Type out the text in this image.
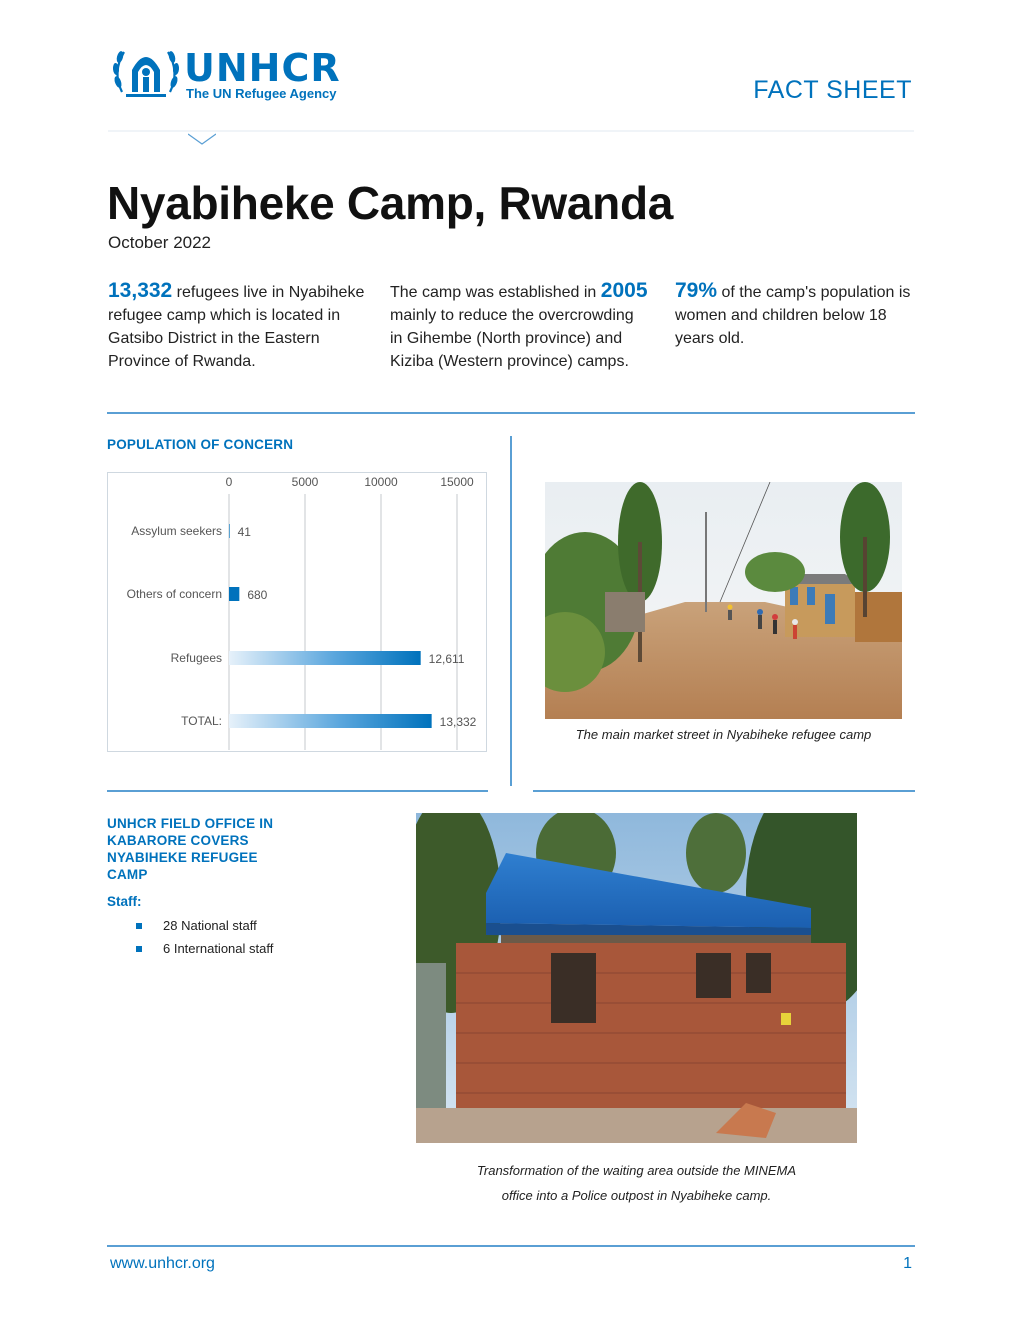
UNHCR
The UN Refugee Agency	FACT SHEET
Nyabiheke Camp, Rwanda
October 2022
13,332 refugees live in Nyabiheke refugee camp which is located in Gatsibo District in the Eastern Province of Rwanda.
The camp was established in 2005 mainly to reduce the overcrowding in Gihembe (North province) and Kiziba (Western province) camps.
79% of the camp's population is women and children below 18 years old.
POPULATION OF CONCERN
0	5000	10000	15000
Assylum seekers
Others of concern
Refugees
TOTAL:
41
680
12,611
13,332
The main market street in Nyabiheke refugee camp
UNHCR FIELD OFFICE IN
KABARORE COVERS
NYABIHEKE REFUGEE
CAMP
Staff:
28 National staff
6 International staff
Transformation of the waiting area outside the MINEMA
office into a Police outpost in Nyabiheke camp.
www.unhcr.org	1
